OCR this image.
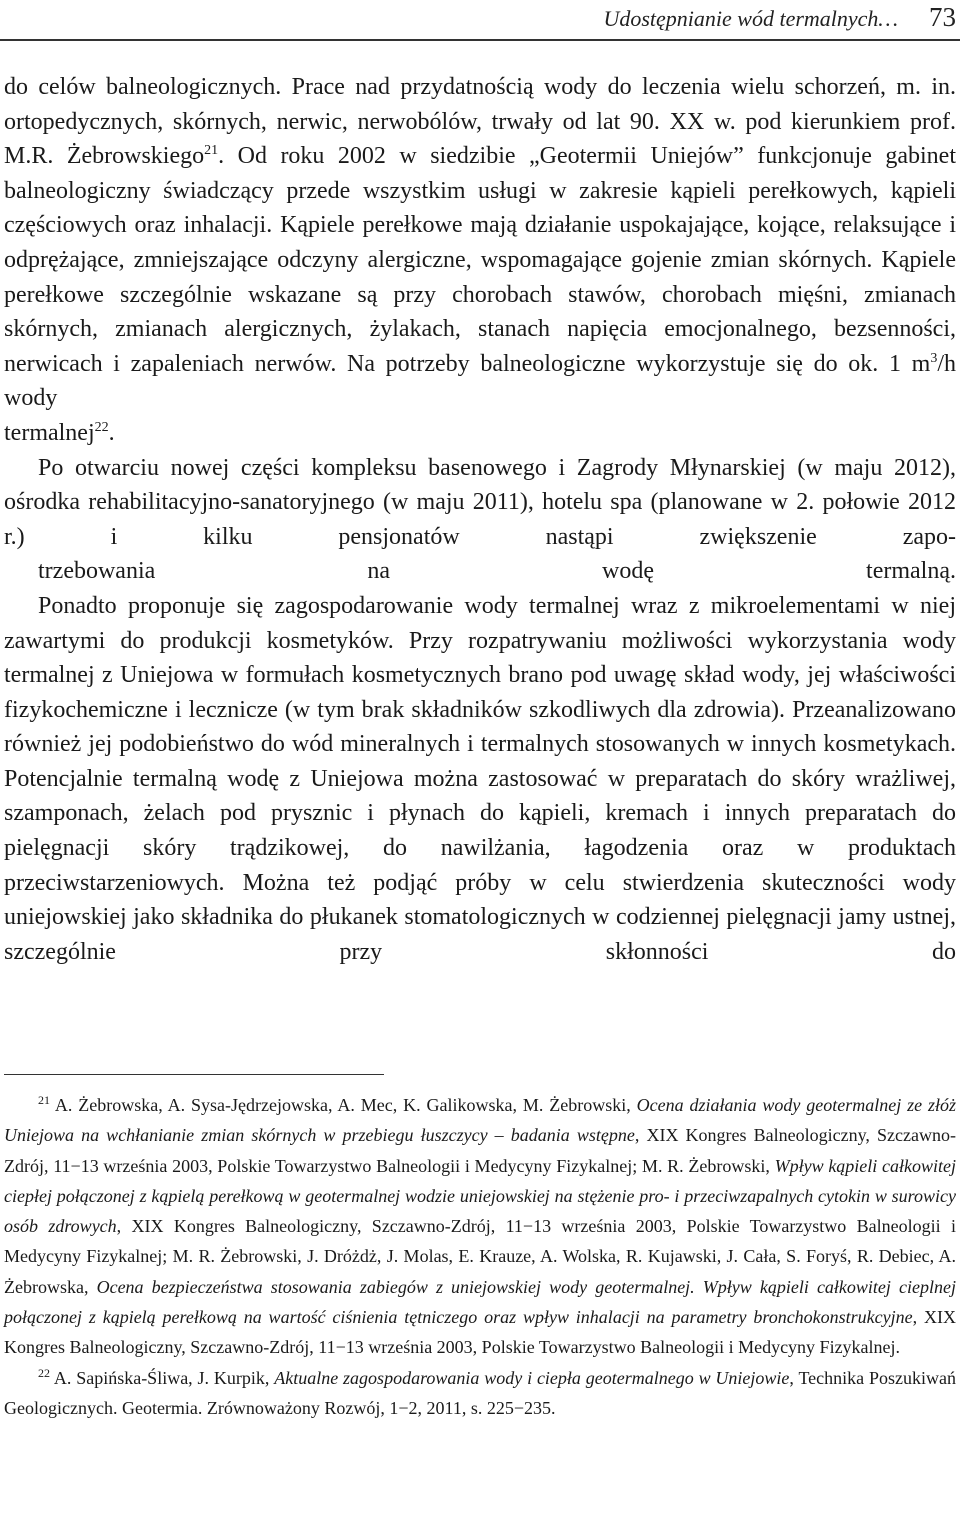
Udostępnianie wód termalnych… 73

do celów balneologicznych. Prace nad przydatnością wody do leczenia wielu schorzeń, m. in. ortopedycznych, skórnych, nerwic, nerwobólów, trwały od lat 90. XX w. pod kierunkiem prof. M.R. Żebrowskiego$^{21}$. Od roku 2002 w siedzibie „Geotermii Uniejów” funkcjonuje gabinet balneologiczny świadczący przede wszystkim usługi w zakresie kąpieli perełkowych, kąpieli częściowych oraz inhalacji. Kąpiele perełkowe mają działanie uspokajające, kojące, relaksujące i odprężające, zmniejszające odczyny alergiczne, wspomagające gojenie zmian skórnych. Kąpiele perełkowe szczególnie wskazane są przy chorobach stawów, chorobach mięśni, zmianach skórnych, zmianach alergicznych, żylakach, stanach napięcia emocjonalnego, bezsenności, nerwicach i zapaleniach nerwów. Na potrzeby balneologiczne wykorzystuje się do ok. 1 $m^3/h$ wody
termalnej$^{22}$.

Po otwarciu nowej części kompleksu basenowego i Zagrody Młynarskiej (w maju 2012), ośrodka rehabilitacyjno-sanatoryjnego (w maju 2011), hotelu spa (planowane w 2. połowie 2012 r.) i kilku pensjonatów nastąpi zwiększenie zapo-
trzebowania na wodę termalną.

Ponadto proponuje się zagospodarowanie wody termalnej wraz z mikroelementami w niej zawartymi do produkcji kosmetyków. Przy rozpatrywaniu możliwości wykorzystania wody termalnej z Uniejowa w formułach kosmetycznych brano pod uwagę skład wody, jej właściwości fizykochemiczne i lecznicze (w tym brak składników szkodliwych dla zdrowia). Przeanalizowano również jej podobieństwo do wód mineralnych i termalnych stosowanych w innych kosmetykach. Potencjalnie termalną wodę z Uniejowa można zastosować w preparatach do skóry wrażliwej, szamponach, żelach pod prysznic i płynach do kąpieli, kremach i innych preparatach do pielęgnacji skóry trądzikowej, do nawilżania, łagodzenia oraz w produktach przeciwstarzeniowych. Można też podjąć próby w celu stwierdzenia skuteczności wody uniejowskiej jako składnika do płukanek stomatologicznych w codziennej pielęgnacji jamy ustnej, szczególnie przy skłonności do

$^{21}$ A. Żebrowska, A. Sysa-Jędrzejowska, A. Mec, K. Galikowska, M. Żebrowski, Ocena działania wody geotermalnej ze złóż Uniejowa na wchłanianie zmian skórnych w przebiegu łuszczycy – badania wstępne, XIX Kongres Balneologiczny, Szczawno-Zdrój, 11−13 września 2003, Polskie Towarzystwo Balneologii i Medycyny Fizykalnej; M. R. Żebrowski, Wpływ kąpieli całkowitej ciepłej połączonej z kąpielą perełkową w geotermalnej wodzie uniejowskiej na stężenie pro- i przeciwzapalnych cytokin w surowicy osób zdrowych, XIX Kongres Balneologiczny, Szczawno-Zdrój, 11−13 września 2003, Polskie Towarzystwo Balneologii i Medycyny Fizykalnej; M. R. Żebrowski, J. Dróżdż, J. Molas, E. Krauze, A. Wolska, R. Kujawski, J. Cała, S. Foryś, R. Debiec, A. Żebrowska, Ocena bezpieczeństwa stosowania zabiegów z uniejowskiej wody geotermalnej. Wpływ kąpieli całkowitej cieplnej połączonej z kąpielą perełkową na wartość ciśnienia tętniczego oraz wpływ inhalacji na parametry bronchokonstrukcyjne, XIX Kongres Balneologiczny, Szczawno-Zdrój, 11−13 września 2003, Polskie Towarzystwo Balneologii i Medycyny Fizykalnej.

$^{22}$ A. Sapińska-Śliwa, J. Kurpik, Aktualne zagospodarowania wody i ciepła geotermalnego w Uniejowie, Technika Poszukiwań Geologicznych. Geotermia. Zrównoważony Rozwój, 1−2, 2011, s. 225−235.
